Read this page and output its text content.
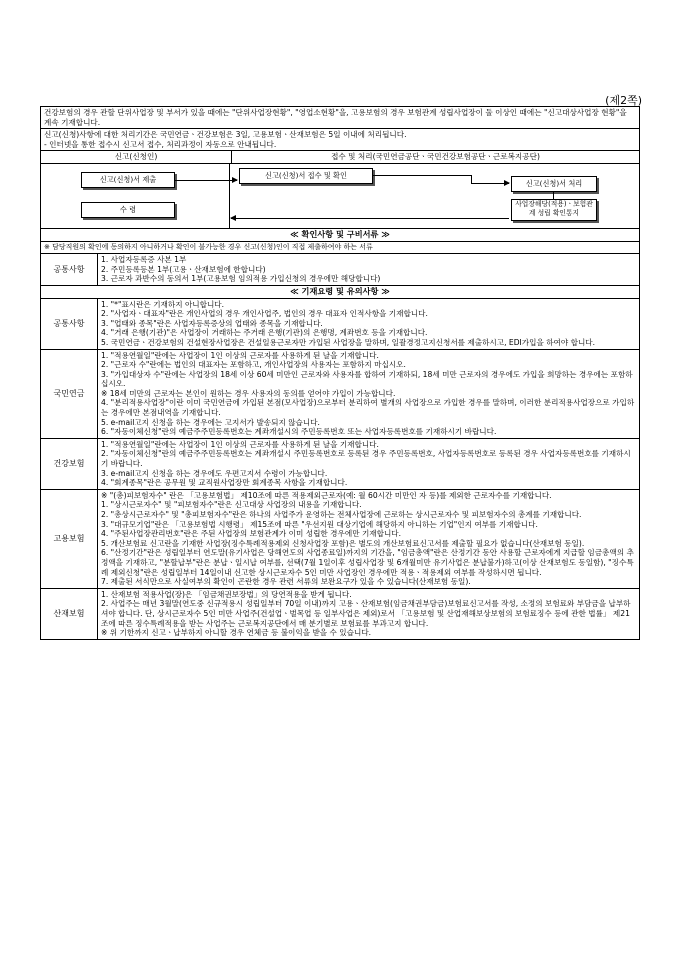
(제2쪽)
건강보험의 경우 관할 단위사업장 및 부서가 있을 때에는 "단위사업장현황", "영업소현황"을, 고용보험의 경우 보험관계 성립사업장이 둘 이상인 때에는 "신고대상사업장 현황"을 계속 기재합니다.
신고(신청)사항에 대한 처리기간은 국민연금ㆍ건강보험은 3일, 고용보험ㆍ산재보험은 5일 이내에 처리됩니다.
- 인터넷을 통한 접수시 신고서 접수, 처리과정이 자동으로 안내됩니다.
신고(신청인)	접수 및 처리(국민연금공단ㆍ국민건강보험공단ㆍ근로복지공단)
신고(신청)서 제출	신고(신청)서 접수 및 확인
신고(신청)서 처리
사업장해당(적용)ㆍ보험관계 성립 확인통지
수 령
≪ 확인사항 및 구비서류 ≫
※ 담당직원의 확인에 동의하지 아니하거나 확인이 불가능한 경우 신고(신청)인이 직접 제출하여야 하는 서류
공통사항
1. 사업자등록증 사본 1부
2. 주민등록등본 1부(고용ㆍ산재보험에 한합니다)
3. 근로자 과반수의 동의서 1부(고용보험 임의적용 가입신청의 경우에만 해당합니다)
≪ 기재요령 및 유의사항 ≫
공통사항
1. "*"표시란은 기재하지 아니합니다.
2. "사업자ㆍ대표자"란은 개인사업의 경우 개인사업주, 법인의 경우 대표자 인적사항을 기재합니다.
3. "업태와 종목"란은 사업자등록증상의 업태와 종목을 기재합니다.
4. "거래 은행(기관)"은 사업장이 거래하는 주거래 은행(기관)의 은행명, 계좌번호 등을 기재합니다.
5. 국민연금ㆍ건강보험의 건설현장사업장은 건설일용근로자만 가입된 사업장을 말하며, 일괄경정고지신청서를 제출하시고, EDI가입을 하여야 합니다.
국민연금
1. "적용연월일"란에는 사업장이 1인 이상의 근로자를 사용하게 된 날을 기재합니다.
2. "근로자 수"란에는 법인의 대표자는 포함하고, 개인사업장의 사용자는 포함하지 마십시오.
3. "가입대상자 수"란에는 사업장의 18세 이상 60세 미만인 근로자와 사용자를 합하여 기재하되, 18세 미만 근로자의 경우에도 가입을 희망하는 경우에는 포함하십시오.
※ 18세 미만의 근로자는 본인이 원하는 경우 사용자의 동의를 얻어야 가입이 가능합니다.
4. "분리적용사업장"이란 이미 국민연금에 가입된 본점(모사업장)으로부터 분리하여 별개의 사업장으로 가입한 경우를 말하며, 이러한 분리적용사업장으로 가입하는 경우에만 본점내역을 기재합니다.
5. e-mail고지 신청을 하는 경우에는 고지서가 발송되지 않습니다.
6. "자동이체신청"란의 예금주주민등록번호는 계좌개설시의 주민등록번호 또는 사업자등록번호를 기재하시기 바랍니다.
건강보험
1. "적용연월일"란에는 사업장이 1인 이상의 근로자를 사용하게 된 날을 기재합니다.
2. "자동이체신청"란의 예금주주민등록번호는 계좌개설시 주민등록번호로 등록된 경우 주민등록번호, 사업자등록번호로 등록된 경우 사업자등록번호를 기재하시기 바랍니다.
3. e-mail고지 신청을 하는 경우에도 우편고지서 수령이 가능합니다.
4. "회계종목"란은 공무원 및 교직원사업장만 회계종목 사항을 기재합니다.
고용보험
※ "(총)피보험자수" 란은 「고용보험법」 제10조에 따른 적용제외근로자(예: 월 60시간 미만인 자 등)를 제외한 근로자수를 기재합니다.
1. "상시근로자수" 및 "피보험자수"란은 신고대상 사업장의 내용을 기재합니다.
2. "총상시근로자수" 및 "총피보험자수"란은 하나의 사업주가 운영하는 전체사업장에 근로하는 상시근로자수 및 피보험자수의 총계를 기재합니다.
3. "대규모기업"란은 「고용보험법 시행령」 제15조에 따른 "우선지원 대상기업에 해당하지 아니하는 기업"인지 여부를 기재합니다.
4. "주된사업장관리번호"란은 주된 사업장의 보험관계가 이미 성립한 경우에만 기재합니다.
5. 개산보험료 신고란을 기재한 사업장(징수특례적용제외 신청사업장 포함)은 별도의 개산보험료신고서를 제출할 필요가 없습니다(산재보험 동일).
6. "산정기간"란은 성립일부터 연도말(유기사업은 당해연도의 사업종료일)까지의 기간을, "임금총액"란은 산정기간 동안 사용할 근로자에게 지급할 임금총액의 추정액을 기재하고, "분할납부"란은 분납ㆍ일시납 여부를, 선택(7월 1일이후 성립사업장 및 6개월미만 유기사업은 분납불가)하고(이상 산재보험도 동일함), "징수특례 제외신청"란은 성립일부터 14일이내 신고한 상시근로자수 5인 미만 사업장인 경우에만 적용ㆍ적용제외 여부를 작성하시면 됩니다.
7. 제출된 서식만으로 사실여부의 확인이 곤란한 경우 관련 서류의 보완요구가 있을 수 있습니다(산재보험 동일).
산재보험
1. 산재보험 적용사업(장)은 「임금채권보장법」의 당연적용을 받게 됩니다.
2. 사업주는 매년 3월말(연도중 신규적용시 성립일부터 70일 이내)까지 고용ㆍ산재보험(임금채권부담금)보험료신고서를 작성, 소정의 보험료와 부담금을 납부하셔야 합니다. 단, 상시근로자수 5인 미만 사업주(건설업ㆍ벌목업 등 일부사업은 제외)로서 「고용보험 및 산업재해보상보험의 보험료징수 등에 관한 법률」 제21조에 따른 징수특례적용을 받는 사업주는 근로복지공단에서 매 분기별로 보험료를 부과고지 합니다.
※ 위 기한까지 신고ㆍ납부하지 아니할 경우 연체금 등 불이익을 받을 수 있습니다.
